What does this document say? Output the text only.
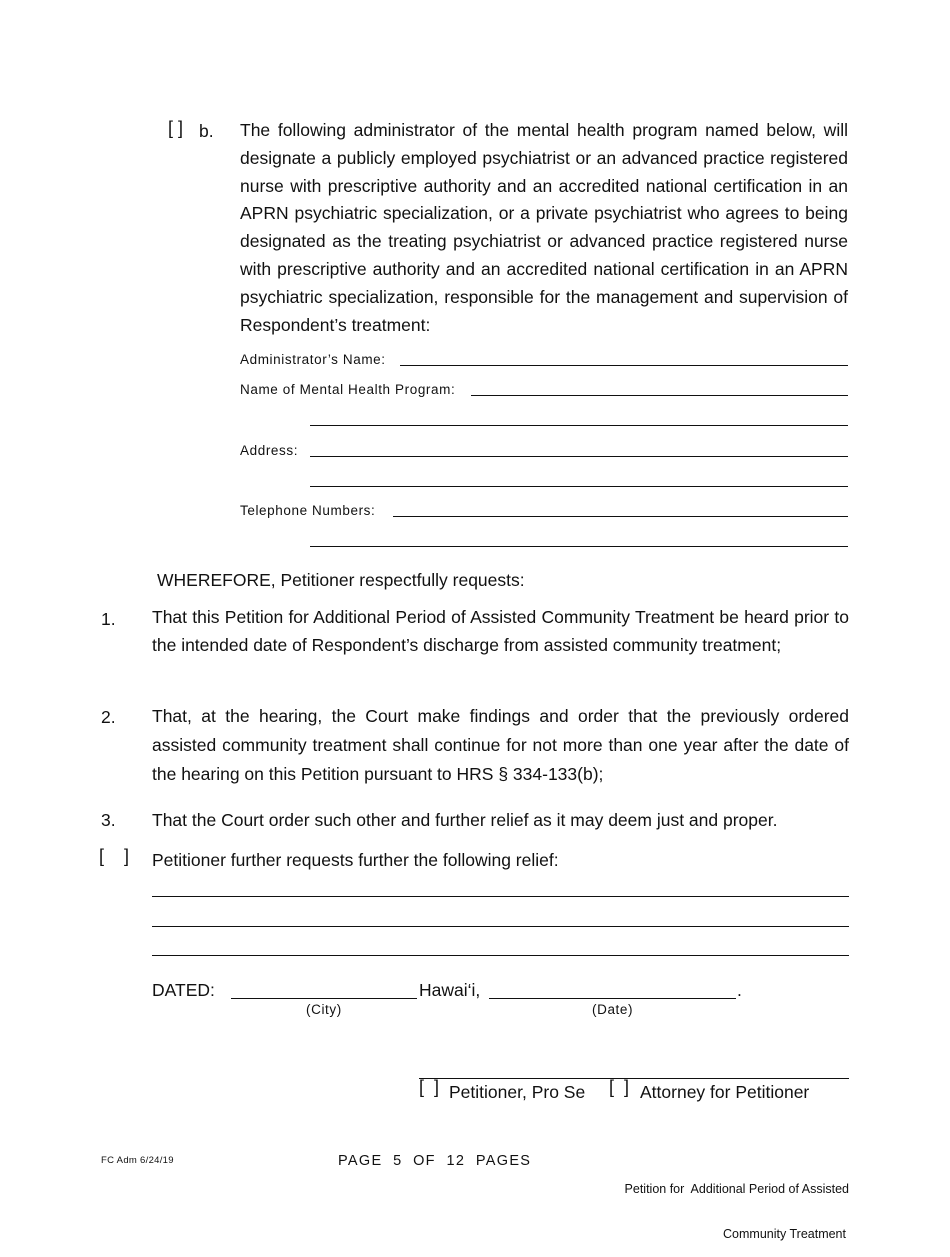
[ ] b. The following administrator of the mental health program named below, will designate a publicly employed psychiatrist or an advanced practice registered nurse with prescriptive authority and an accredited national certification in an APRN psychiatric specialization, or a private psychiatrist who agrees to being designated as the treating psychiatrist or advanced practice registered nurse with prescriptive authority and an accredited national certification in an APRN psychiatric specialization, responsible for the management and supervision of Respondent’s treatment:
Administrator’s Name:
Name of Mental Health Program:
Address:
Telephone Numbers:
WHEREFORE, Petitioner respectfully requests:
1. That this Petition for Additional Period of Assisted Community Treatment be heard prior to the intended date of Respondent’s discharge from assisted community treatment;
2. That, at the hearing, the Court make findings and order that the previously ordered assisted community treatment shall continue for not more than one year after the date of the hearing on this Petition pursuant to HRS § 334-133(b);
3. That the Court order such other and further relief as it may deem just and proper.
[    ] Petitioner further requests further the following relief:
DATED:
(City)
Hawai‘i,	.
(Date)
[  ] Petitioner, Pro Se [  ] Attorney for Petitioner
FC Adm 6/24/19	PAGE  5  OF  12  PAGES

Petition for  Additional Period of Assisted

Community Treatment
